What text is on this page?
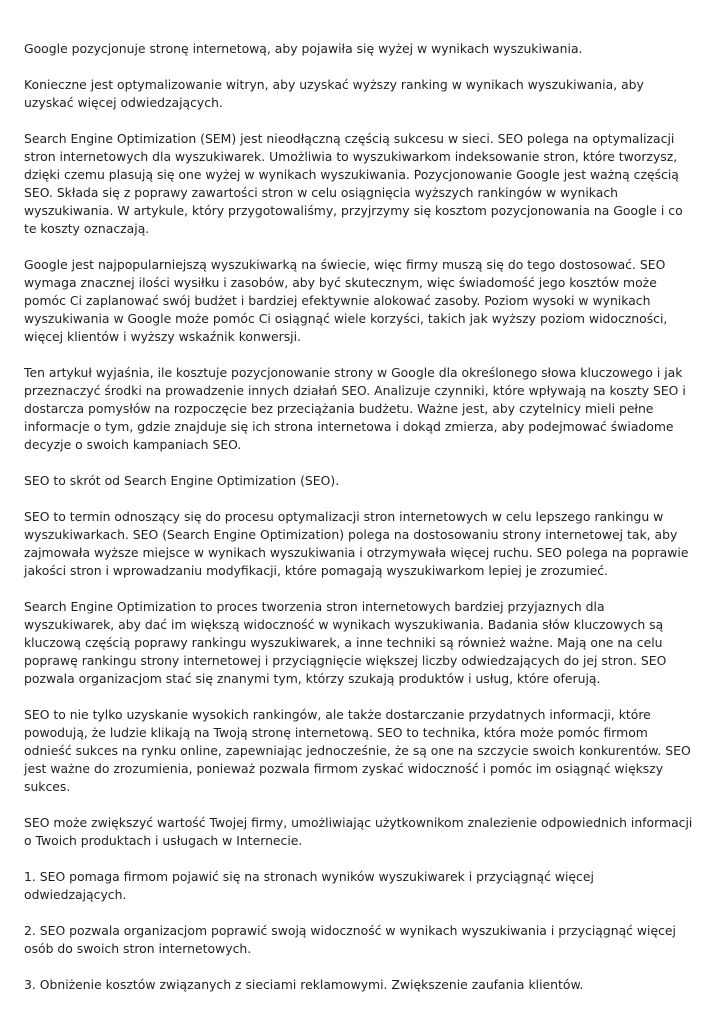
Google pozycjonuje stronę internetową, aby pojawiła się wyżej w wynikach wyszukiwania.

Konieczne jest optymalizowanie witryn, aby uzyskać wyższy ranking w wynikach wyszukiwania, aby uzyskać więcej odwiedzających.

Search Engine Optimization (SEM) jest nieodłączną częścią sukcesu w sieci. SEO polega na optymalizacji stron internetowych dla wyszukiwarek. Umożliwia to wyszukiwarkom indeksowanie stron, które tworzysz, dzięki czemu plasują się one wyżej w wynikach wyszukiwania. Pozycjonowanie Google jest ważną częścią SEO. Składa się z poprawy zawartości stron w celu osiągnięcia wyższych rankingów w wynikach wyszukiwania. W artykule, który przygotowaliśmy, przyjrzymy się kosztom pozycjonowania na Google i co te koszty oznaczają.

Google jest najpopularniejszą wyszukiwarką na świecie, więc firmy muszą się do tego dostosować. SEO wymaga znacznej ilości wysiłku i zasobów, aby być skutecznym, więc świadomość jego kosztów może pomóc Ci zaplanować swój budżet i bardziej efektywnie alokować zasoby. Poziom wysoki w wynikach wyszukiwania w Google może pomóc Ci osiągnąć wiele korzyści, takich jak wyższy poziom widoczności, więcej klientów i wyższy wskaźnik konwersji.

Ten artykuł wyjaśnia, ile kosztuje pozycjonowanie strony w Google dla określonego słowa kluczowego i jak przeznaczyć środki na prowadzenie innych działań SEO. Analizuje czynniki, które wpływają na koszty SEO i dostarcza pomysłów na rozpoczęcie bez przeciążania budżetu. Ważne jest, aby czytelnicy mieli pełne informacje o tym, gdzie znajduje się ich strona internetowa i dokąd zmierza, aby podejmować świadome decyzje o swoich kampaniach SEO.

SEO to skrót od Search Engine Optimization (SEO).

SEO to termin odnoszący się do procesu optymalizacji stron internetowych w celu lepszego rankingu w wyszukiwarkach. SEO (Search Engine Optimization) polega na dostosowaniu strony internetowej tak, aby zajmowała wyższe miejsce w wynikach wyszukiwania i otrzymywała więcej ruchu. SEO polega na poprawie jakości stron i wprowadzaniu modyfikacji, które pomagają wyszukiwarkom lepiej je zrozumieć.

Search Engine Optimization to proces tworzenia stron internetowych bardziej przyjaznych dla wyszukiwarek, aby dać im większą widoczność w wynikach wyszukiwania. Badania słów kluczowych są kluczową częścią poprawy rankingu wyszukiwarek, a inne techniki są również ważne. Mają one na celu poprawę rankingu strony internetowej i przyciągnięcie większej liczby odwiedzających do jej stron. SEO pozwala organizacjom stać się znanymi tym, którzy szukają produktów i usług, które oferują.

SEO to nie tylko uzyskanie wysokich rankingów, ale także dostarczanie przydatnych informacji, które powodują, że ludzie klikają na Twoją stronę internetową. SEO to technika, która może pomóc firmom odnieść sukces na rynku online, zapewniając jednocześnie, że są one na szczycie swoich konkurentów. SEO jest ważne do zrozumienia, ponieważ pozwala firmom zyskać widoczność i pomóc im osiągnąć większy sukces.

SEO może zwiększyć wartość Twojej firmy, umożliwiając użytkownikom znalezienie odpowiednich informacji o Twoich produktach i usługach w Internecie.

1. SEO pomaga firmom pojawić się na stronach wyników wyszukiwarek i przyciągnąć więcej odwiedzających.

2. SEO pozwala organizacjom poprawić swoją widoczność w wynikach wyszukiwania i przyciągnąć więcej osób do swoich stron internetowych.

3. Obniżenie kosztów związanych z sieciami reklamowymi. Zwiększenie zaufania klientów.
